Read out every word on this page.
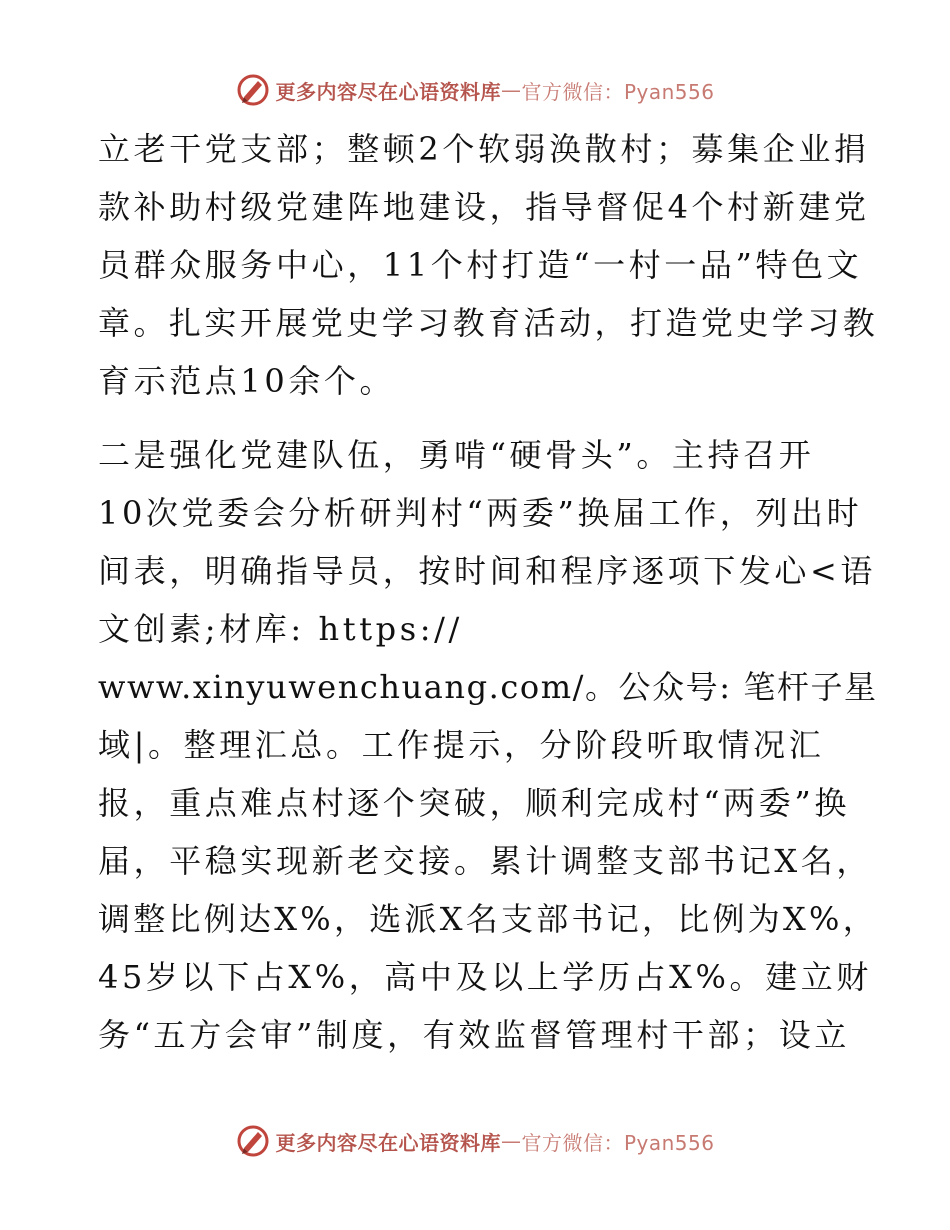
更多内容尽在心语资料库 — 官方微信：Pyan556
立老干党支部；整顿2个软弱涣散村；募集企业捐
款补助村级党建阵地建设，指导督促4个村新建党
员群众服务中心，11个村打造“一村一品”特色文
章。扎实开展党史学习教育活动，打造党史学习教
育示范点10余个。
二是强化党建队伍，勇啃“硬骨头”。主持召开
10次党委会分析研判村“两委”换届工作，列出时
间表，明确指导员，按时间和程序逐项下发心<语
文创素;材库: https://
www.xinyuwenchuang.com/。公众号: 笔杆子星
域|。整理汇总。工作提示，分阶段听取情况汇
报，重点难点村逐个突破，顺利完成村“两委”换
届，平稳实现新老交接。累计调整支部书记X名，
调整比例达X%，选派X名支部书记，比例为X%，
45岁以下占X%，高中及以上学历占X%。建立财
务“五方会审”制度，有效监督管理村干部；设立
更多内容尽在心语资料库 — 官方微信：Pyan556
